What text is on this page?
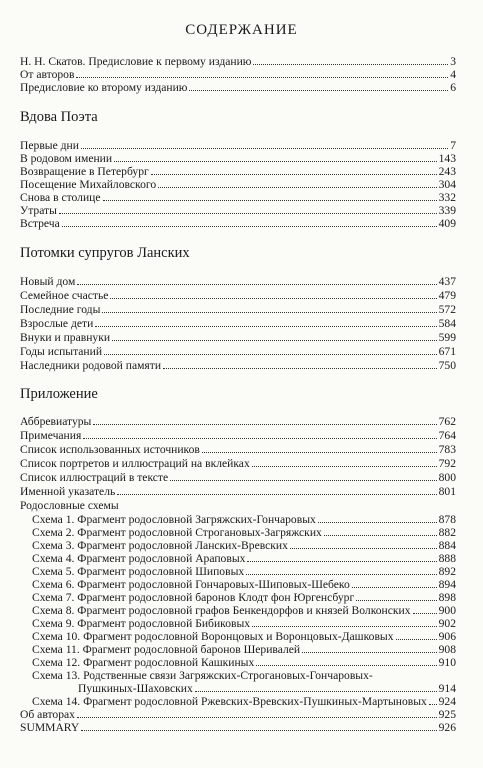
СОДЕРЖАНИЕ
Н. Н. Скатов. Предисловие к первому изданию	3
От авторов	4
Предисловие ко второму изданию	6
Вдова Поэта
Первые дни	7
В родовом имении	143
Возвращение в Петербург	243
Посещение Михайловского	304
Снова в столице	332
Утраты	339
Встреча	409
Потомки супругов Ланских
Новый дом	437
Семейное счастье	479
Последние годы	572
Взрослые дети	584
Внуки и правнуки	599
Годы испытаний	671
Наследники родовой памяти	750
Приложение
Аббревиатуры	762
Примечания	764
Список использованных источников	783
Список портретов и иллюстраций на вклейках	792
Список иллюстраций в тексте	800
Именной указатель	801
Родословные схемы
Схема 1. Фрагмент родословной Загряжских-Гончаровых	878
Схема 2. Фрагмент родословной Строгановых-Загряжских	882
Схема 3. Фрагмент родословной Ланских-Вревских	884
Схема 4. Фрагмент родословной Араповых	888
Схема 5. Фрагмент родословной Шиповых	892
Схема 6. Фрагмент родословной Гончаровых-Шиповых-Шебеко	894
Схема 7. Фрагмент родословной баронов Клодт фон Юргенсбург	898
Схема 8. Фрагмент родословной графов Бенкендорфов и князей Волконских 900
Схема 9. Фрагмент родословной Бибиковых	902
Схема 10. Фрагмент родословной Воронцовых и Воронцовых-Дашковых	906
Схема 11. Фрагмент родословной баронов Шеривалей	908
Схема 12. Фрагмент родословной Кашкиных	910
Схема 13. Родственные связи Загряжских-Строгановых-Гончаровых-
Пушкиных-Шаховских	914
Схема 14. Фрагмент родословной Ржевских-Вревских-Пушкиных-Мартыновых 924
Об авторах	925
SUMMARY	926
